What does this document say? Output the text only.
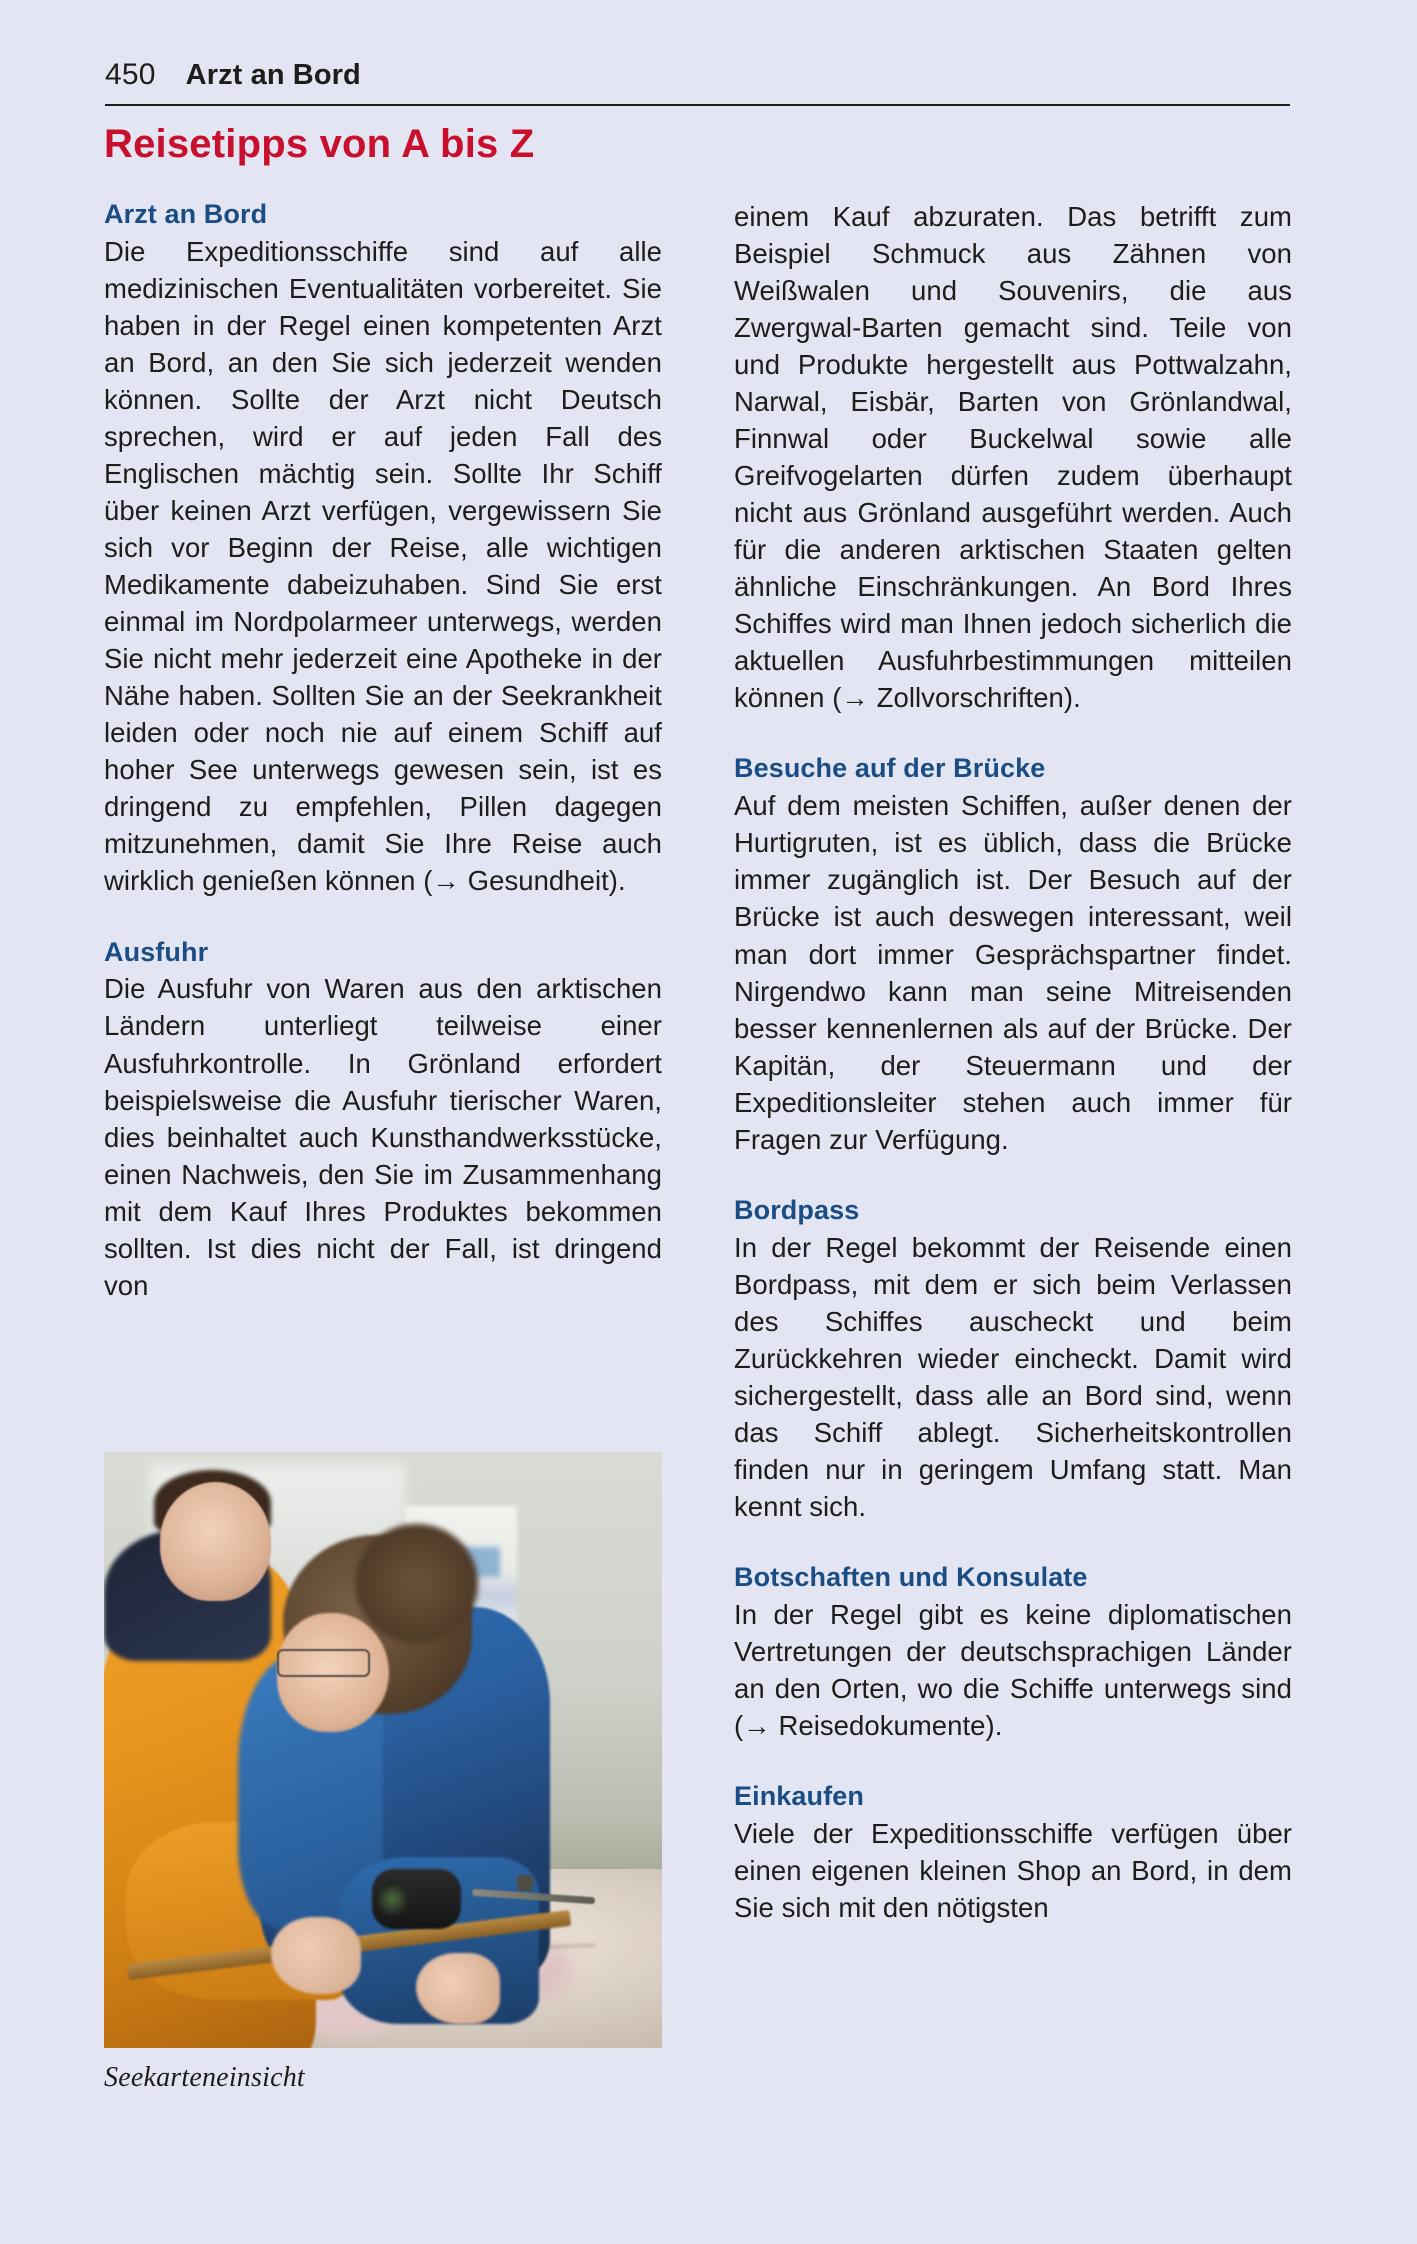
450 Arzt an Bord
Reisetipps von A bis Z
Arzt an Bord

Die Expeditionsschiffe sind auf alle medizinischen Eventualitäten vorbereitet. Sie haben in der Regel einen kompetenten Arzt an Bord, an den Sie sich jederzeit wenden können. Sollte der Arzt nicht Deutsch sprechen, wird er auf jeden Fall des Englischen mächtig sein. Sollte Ihr Schiff über keinen Arzt verfügen, vergewissern Sie sich vor Beginn der Reise, alle wichtigen Medikamente dabeizuhaben. Sind Sie erst einmal im Nordpolarmeer unterwegs, werden Sie nicht mehr jederzeit eine Apotheke in der Nähe haben. Sollten Sie an der Seekrankheit leiden oder noch nie auf einem Schiff auf hoher See unterwegs gewesen sein, ist es dringend zu empfehlen, Pillen dagegen mitzunehmen, damit Sie Ihre Reise auch wirklich genießen können (→ Gesundheit).

Ausfuhr

Die Ausfuhr von Waren aus den arktischen Ländern unterliegt teilweise einer Ausfuhrkontrolle. In Grönland erfordert beispielsweise die Ausfuhr tierischer Waren, dies beinhaltet auch Kunsthandwerksstücke, einen Nachweis, den Sie im Zusammenhang mit dem Kauf Ihres Produktes bekommen sollten. Ist dies nicht der Fall, ist dringend von

Seekarteneinsicht

einem Kauf abzuraten. Das betrifft zum Beispiel Schmuck aus Zähnen von Weißwalen und Souvenirs, die aus Zwergwal-Barten gemacht sind. Teile von und Produkte hergestellt aus Pottwalzahn, Narwal, Eisbär, Barten von Grönlandwal, Finnwal oder Buckelwal sowie alle Greifvogelarten dürfen zudem überhaupt nicht aus Grönland ausgeführt werden. Auch für die anderen arktischen Staaten gelten ähnliche Einschränkungen. An Bord Ihres Schiffes wird man Ihnen jedoch sicherlich die aktuellen Ausfuhrbestimmungen mitteilen können (→ Zollvorschriften).

Besuche auf der Brücke

Auf dem meisten Schiffen, außer denen der Hurtigruten, ist es üblich, dass die Brücke immer zugänglich ist. Der Besuch auf der Brücke ist auch deswegen interessant, weil man dort immer Gesprächspartner findet. Nirgendwo kann man seine Mitreisenden besser kennenlernen als auf der Brücke. Der Kapitän, der Steuermann und der Expeditionsleiter stehen auch immer für Fragen zur Verfügung.

Bordpass

In der Regel bekommt der Reisende einen Bordpass, mit dem er sich beim Verlassen des Schiffes auscheckt und beim Zurückkehren wieder eincheckt. Damit wird sichergestellt, dass alle an Bord sind, wenn das Schiff ablegt. Sicherheitskontrollen finden nur in geringem Umfang statt. Man kennt sich.

Botschaften und Konsulate

In der Regel gibt es keine diplomatischen Vertretungen der deutschsprachigen Länder an den Orten, wo die Schiffe unterwegs sind (→ Reisedokumente).

Einkaufen

Viele der Expeditionsschiffe verfügen über einen eigenen kleinen Shop an Bord, in dem Sie sich mit den nötigsten
